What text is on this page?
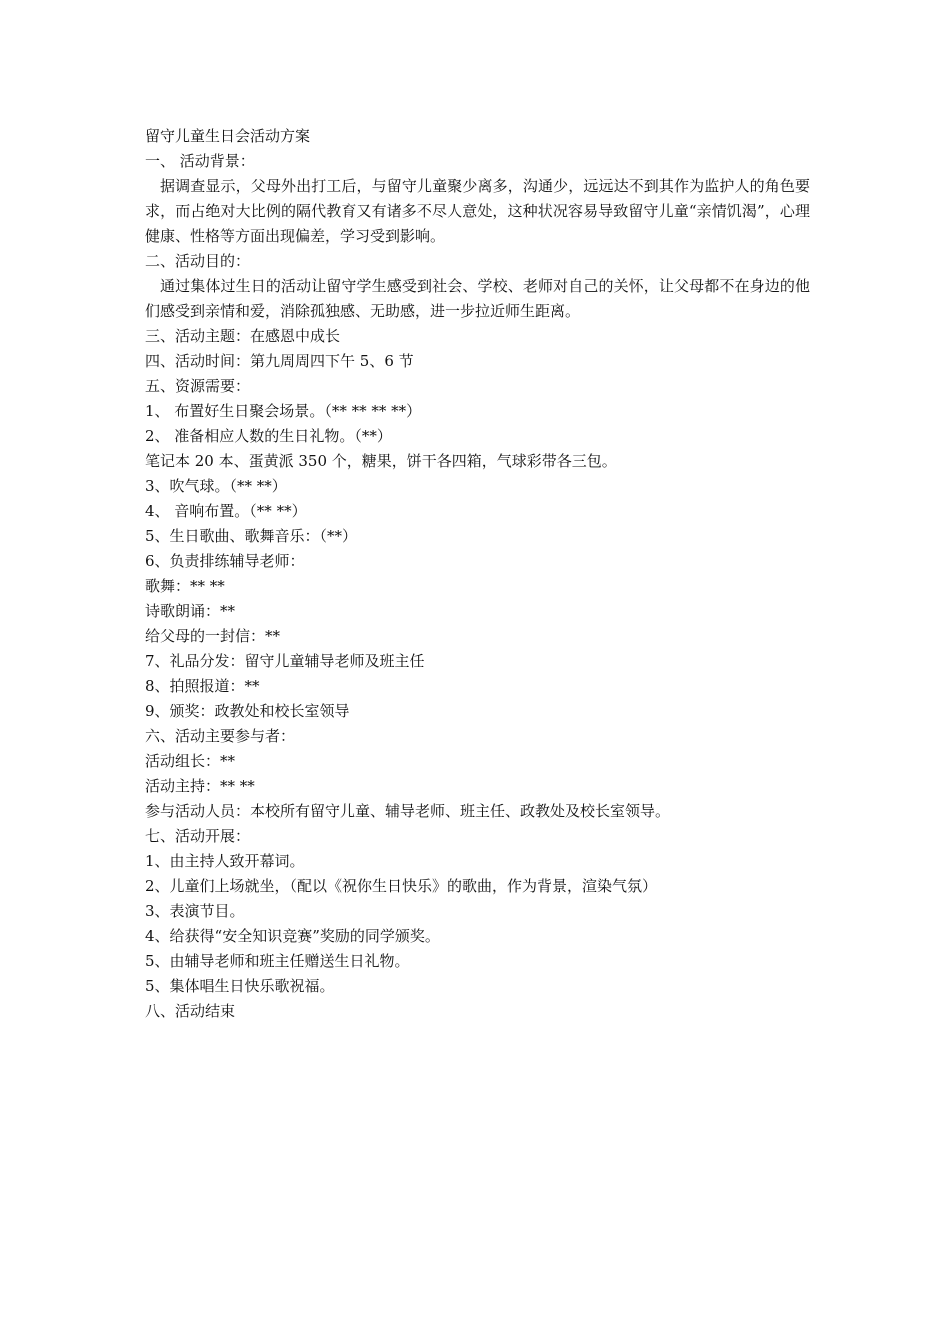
留守儿童生日会活动方案
一、 活动背景：
据调查显示，父母外出打工后，与留守儿童聚少离多，沟通少，远远达不到其作为监护人的角色要求，而占绝对大比例的隔代教育又有诸多不尽人意处，这种状况容易导致留守儿童“亲情饥渴”，心理健康、性格等方面出现偏差，学习受到影响。
二、活动目的：
通过集体过生日的活动让留守学生感受到社会、学校、老师对自己的关怀，让父母都不在身边的他们感受到亲情和爱，消除孤独感、无助感，进一步拉近师生距离。
三、活动主题：在感恩中成长
四、活动时间：第九周周四下午 5、6 节
五、资源需要：
1、 布置好生日聚会场景。（** ** ** **）
2、 准备相应人数的生日礼物。（**）
笔记本 20 本、蛋黄派 350 个，糖果，饼干各四箱，气球彩带各三包。
3、吹气球。（** **）
4、 音响布置。（** **）
5、生日歌曲、歌舞音乐：（**）
6、负责排练辅导老师：
歌舞：** **
诗歌朗诵：**
给父母的一封信：**
7、礼品分发：留守儿童辅导老师及班主任
8、拍照报道：**
9、颁奖：政教处和校长室领导
六、活动主要参与者：
活动组长：**
活动主持：** **
参与活动人员：本校所有留守儿童、辅导老师、班主任、政教处及校长室领导。
七、活动开展：
1、由主持人致开幕词。
2、儿童们上场就坐，（配以《祝你生日快乐》的歌曲，作为背景，渲染气氛）
3、表演节目。
4、给获得“安全知识竞赛”奖励的同学颁奖。
5、由辅导老师和班主任赠送生日礼物。
5、集体唱生日快乐歌祝福。
八、活动结束
